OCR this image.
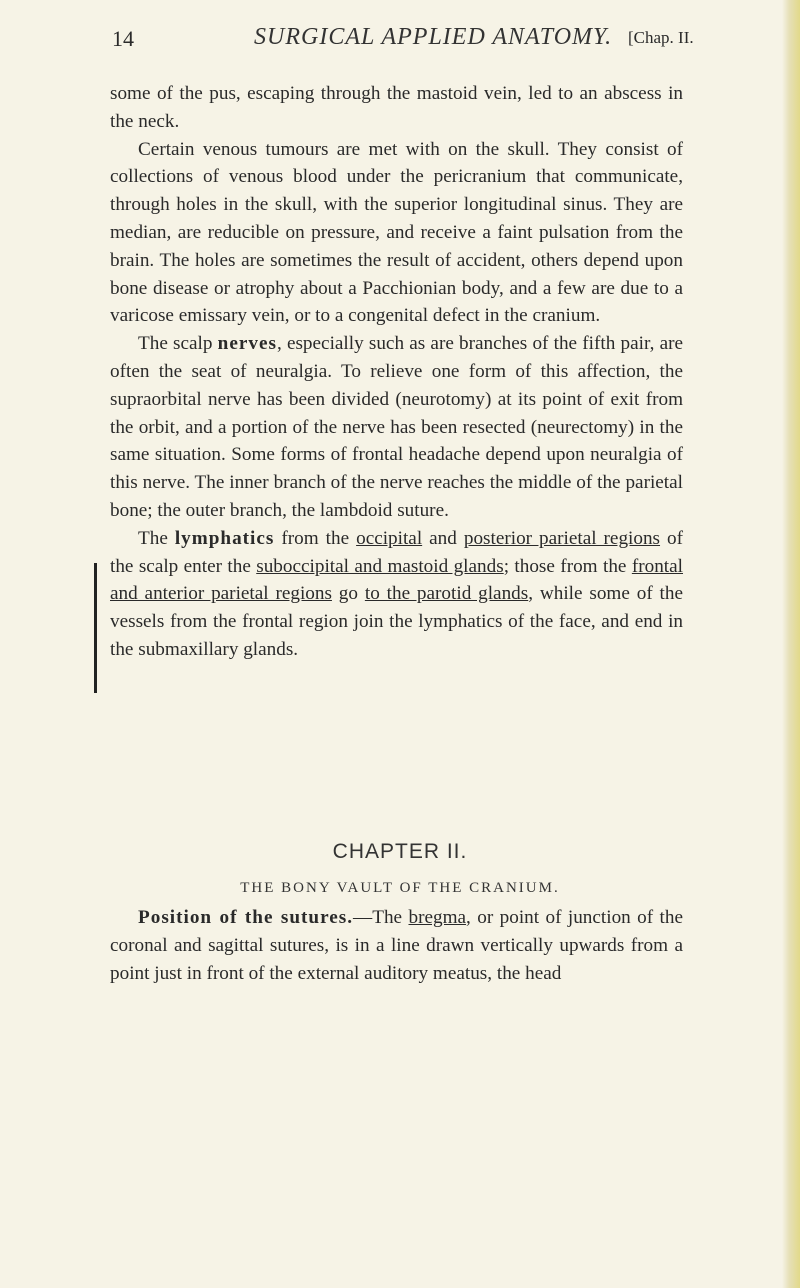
14	SURGICAL APPLIED ANATOMY. [Chap. II.

some of the pus, escaping through the mastoid vein, led to an abscess in the neck.

Certain venous tumours are met with on the skull. They consist of collections of venous blood under the pericranium that communicate, through holes in the skull, with the superior longitudinal sinus. They are median, are reducible on pressure, and receive a faint pulsation from the brain. The holes are sometimes the result of accident, others depend upon bone disease or atrophy about a Pacchionian body, and a few are due to a varicose emissary vein, or to a congenital defect in the cranium.

The scalp nerves, especially such as are branches of the fifth pair, are often the seat of neuralgia. To relieve one form of this affection, the supraorbital nerve has been divided (neurotomy) at its point of exit from the orbit, and a portion of the nerve has been resected (neurectomy) in the same situation. Some forms of frontal headache depend upon neuralgia of this nerve. The inner branch of the nerve reaches the middle of the parietal bone; the outer branch, the lambdoid suture.

The lymphatics from the occipital and posterior parietal regions of the scalp enter the suboccipital and mastoid glands; those from the frontal and anterior parietal regions go to the parotid glands, while some of the vessels from the frontal region join the lymphatics of the face, and end in the submaxillary glands.

CHAPTER II.
THE BONY VAULT OF THE CRANIUM.

Position of the sutures.—The bregma, or point of junction of the coronal and sagittal sutures, is in a line drawn vertically upwards from a point just in front of the external auditory meatus, the head
